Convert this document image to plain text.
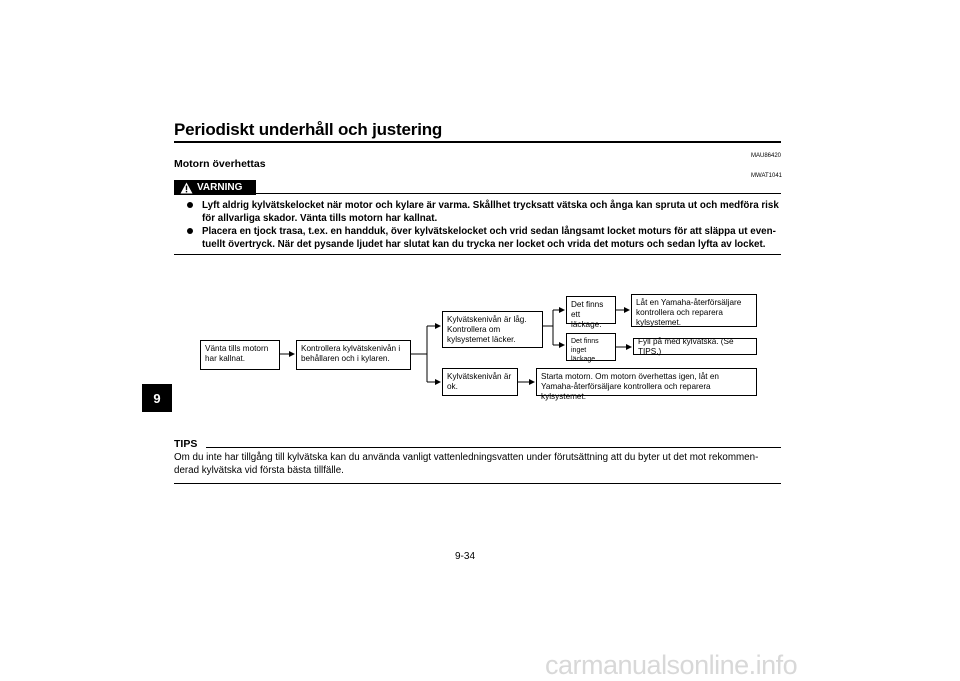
Periodiskt underhåll och justering
9
MAU86420
Motorn överhettas
MWAT1041
VARNING
Lyft aldrig kylvätskelocket när motor och kylare är varma. Skållhet trycksatt vätska och ånga kan spruta ut och medföra risk för allvarliga skador. Vänta tills motorn har kallnat.
Placera en tjock trasa, t.ex. en handduk, över kylvätskelocket och vrid sedan långsamt locket moturs för att släppa ut even-tuellt övertryck. När det pysande ljudet har slutat kan du trycka ner locket och vrida det moturs och sedan lyfta av locket.
Vänta tills motorn har kallnat.
Kontrollera kylvätskenivån i behållaren och i kylaren.
Kylvätskenivån är låg. Kontrollera om kylsystemet läcker.
Kylvätskenivån är ok.
Det finns ett läckage.
Det finns inget läckage.
Låt en Yamaha-återförsäljare kontrollera och reparera kylsystemet.
Fyll på med kylvätska. (Se TIPS.)
Starta motorn. Om motorn överhettas igen, låt en Yamaha-återförsäljare kontrollera och reparera kylsystemet.
TIPS
Om du inte har tillgång till kylvätska kan du använda vanligt vattenledningsvatten under förutsättning att du byter ut det mot rekommen-derad kylvätska vid första bästa tillfälle.
9-34
carmanualsonline.info
